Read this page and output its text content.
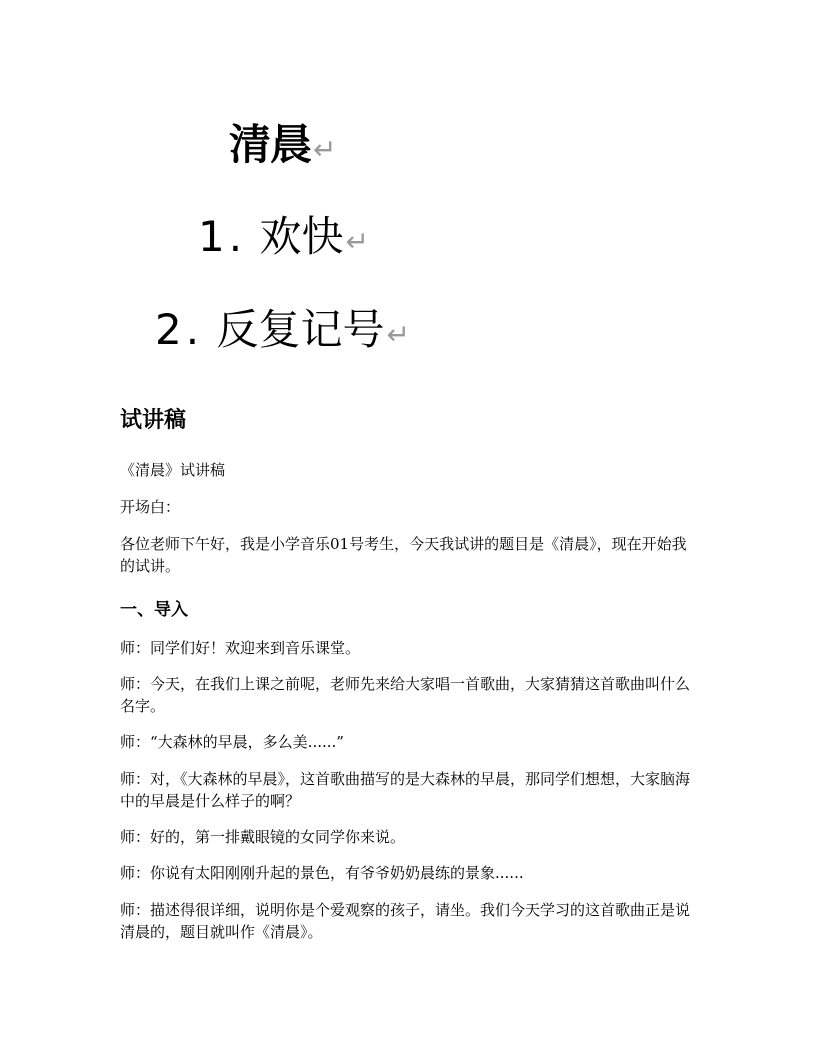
清晨↵
1. 欢快↵
2. 反复记号↵
试讲稿

《清晨》试讲稿

开场白：

各位老师下午好，我是小学音乐01号考生，今天我试讲的题目是《清晨》，现在开始我的试讲。

一、导入

师：同学们好！欢迎来到音乐课堂。

师：今天，在我们上课之前呢，老师先来给大家唱一首歌曲，大家猜猜这首歌曲叫什么名字。

师：“大森林的早晨，多么美......”

师：对，《大森林的早晨》，这首歌曲描写的是大森林的早晨，那同学们想想，大家脑海中的早晨是什么样子的啊？

师：好的，第一排戴眼镜的女同学你来说。

师：你说有太阳刚刚升起的景色，有爷爷奶奶晨练的景象......

师：描述得很详细，说明你是个爱观察的孩子，请坐。我们今天学习的这首歌曲正是说清晨的，题目就叫作《清晨》。
